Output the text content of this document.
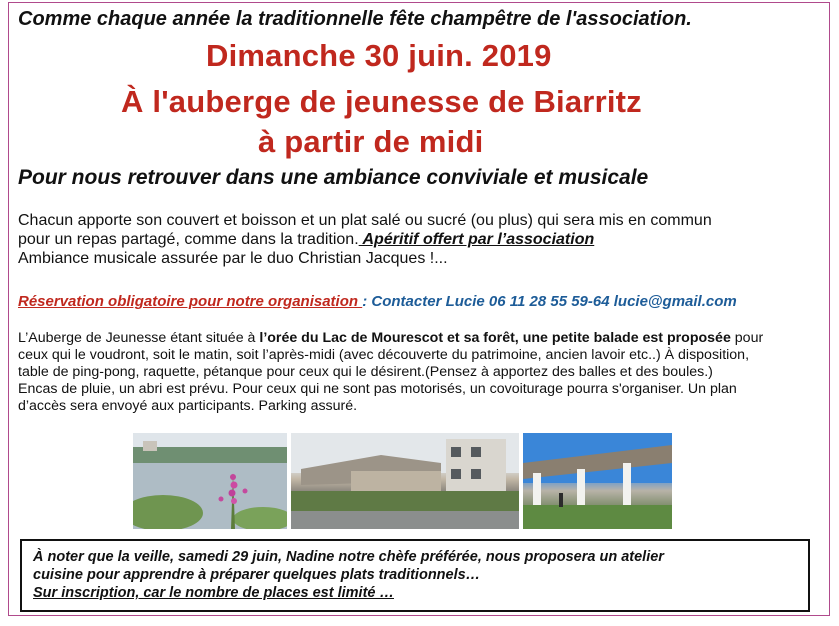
Comme chaque année la traditionnelle fête champêtre de l'association.
Dimanche 30 juin. 2019
À l'auberge de jeunesse de Biarritz
à partir de midi
Pour nous retrouver dans une ambiance conviviale et musicale
Chacun apporte son couvert et boisson et un plat salé ou sucré (ou plus) qui sera mis en commun
pour un repas partagé, comme dans la tradition. Apéritif offert par l’association
Ambiance musicale assurée par le duo Christian Jacques !...
Réservation obligatoire pour notre organisation : Contacter Lucie 06 11 28 55 59-64 lucie@gmail.com
L’Auberge de Jeunesse étant située à l’orée du Lac de Mourescot et sa forêt, une petite balade est proposée pour
ceux qui le voudront, soit le matin, soit l’après-midi (avec découverte du patrimoine, ancien lavoir etc..) À disposition,
table de ping-pong, raquette, pétanque pour ceux qui le désirent.(Pensez à apportez des balles et des boules.)
Encas de pluie, un abri est prévu. Pour ceux qui ne sont pas motorisés, un covoiturage pourra s'organiser. Un plan
d’accès sera envoyé aux participants. Parking assuré.
À noter que la veille, samedi 29 juin, Nadine notre chèfe préférée, nous proposera un atelier
cuisine pour apprendre à préparer quelques plats traditionnels…
Sur inscription, car le nombre de places est limité …
